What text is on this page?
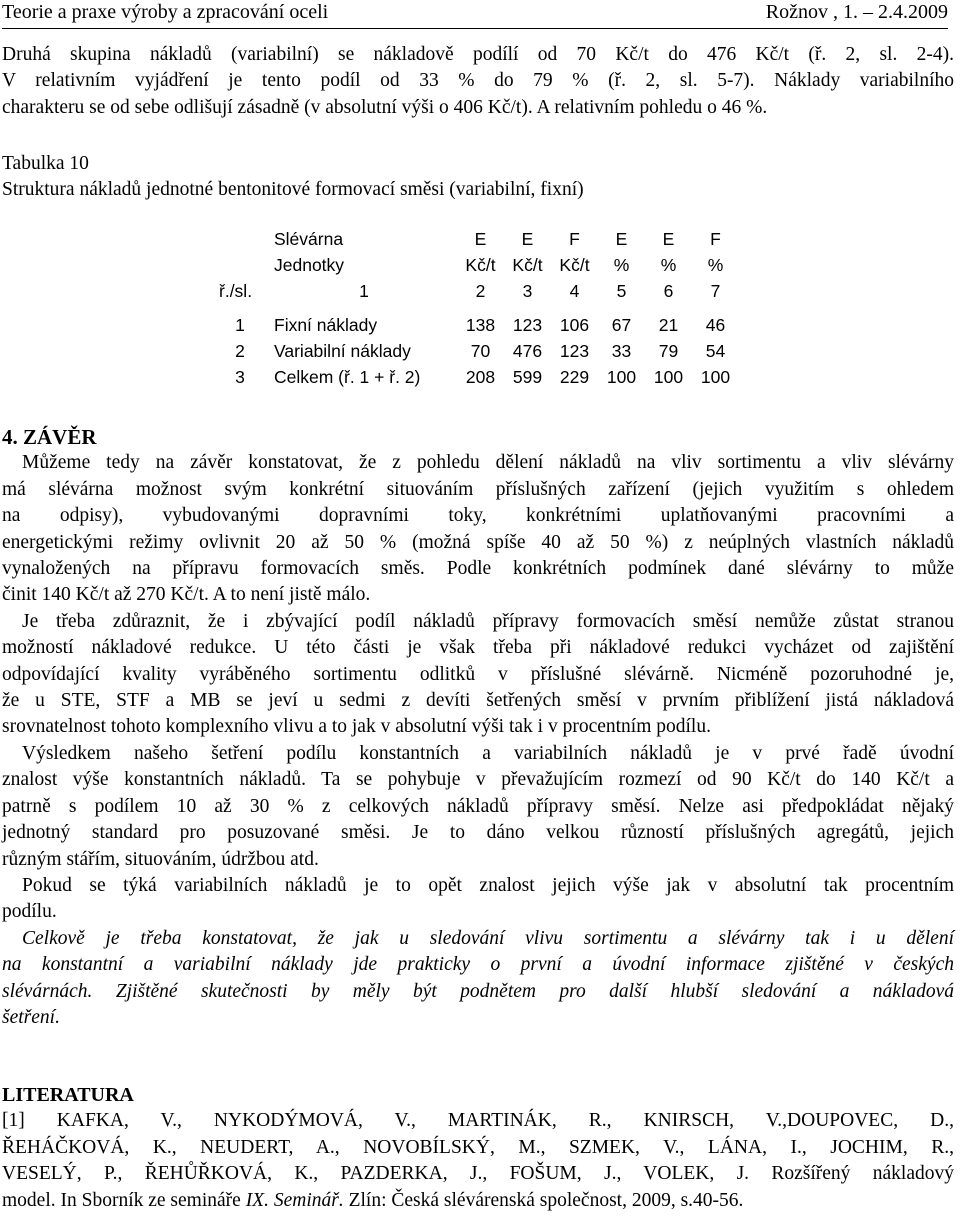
Teorie a praxe výroby a zpracování oceli	Rožnov , 1. – 2.4.2009
Druhá skupina nákladů (variabilní) se nákladově podílí od 70 Kč/t do 476 Kč/t (ř. 2, sl. 2-4).
V relativním vyjádření je tento podíl od 33 % do 79 % (ř. 2, sl. 5-7). Náklady variabilního
charakteru se od sebe odlišují zásadně (v absolutní výši o 406 Kč/t). A relativním pohledu o 46 %.
Tabulka 10
Struktura nákladů jednotné bentonitové formovací směsi (variabilní, fixní)
	Slévárna	E	E	F	E	E	F
	Jednotky	Kč/t	Kč/t	Kč/t	%	%	%
ř./sl.	1	2	3	4	5	6	7

1	Fixní náklady	138	123	106	67	21	46
2	Variabilní náklady	70	476	123	33	79	54
3	Celkem (ř. 1 + ř. 2)	208	599	229	100	100	100
4. ZÁVĚR
Můžeme tedy na závěr konstatovat, že z pohledu dělení nákladů na vliv sortimentu a vliv slévárny
má slévárna možnost svým konkrétní situováním příslušných zařízení (jejich využitím s ohledem
na odpisy), vybudovanými dopravními toky, konkrétními uplatňovanými pracovními a
energetickými režimy ovlivnit 20 až 50 % (možná spíše 40 až 50 %) z neúplných vlastních nákladů
vynaložených na přípravu formovacích směs. Podle konkrétních podmínek dané slévárny to může
činit 140 Kč/t až 270 Kč/t. A to není jistě málo.
Je třeba zdůraznit, že i zbývající podíl nákladů přípravy formovacích směsí nemůže zůstat stranou
možností nákladové redukce. U této části je však třeba při nákladové redukci vycházet od zajištění
odpovídající kvality vyráběného sortimentu odlitků v příslušné slévárně. Nicméně pozoruhodné je,
že u STE, STF a MB se jeví u sedmi z devíti šetřených směsí v prvním přiblížení jistá nákladová
srovnatelnost tohoto komplexního vlivu a to jak v absolutní výši tak i v procentním podílu.
Výsledkem našeho šetření podílu konstantních a variabilních nákladů je v prvé řadě úvodní
znalost výše konstantních nákladů. Ta se pohybuje v převažujícím rozmezí od 90 Kč/t do 140 Kč/t a
patrně s podílem 10 až 30 % z celkových nákladů přípravy směsí. Nelze asi předpokládat nějaký
jednotný standard pro posuzované směsi. Je to dáno velkou růzností příslušných agregátů, jejich
různým stářím, situováním, údržbou atd.
Pokud se týká variabilních nákladů je to opět znalost jejich výše jak v absolutní tak procentním
podílu.
Celkově je třeba konstatovat, že jak u sledování vlivu sortimentu a slévárny tak i u dělení
na konstantní a variabilní náklady jde prakticky o první a úvodní informace zjištěné v českých
slévárnách. Zjištěné skutečnosti by měly být podnětem pro další hlubší sledování a nákladová
šetření.
LITERATURA
[1] KAFKA, V., NYKODÝMOVÁ, V., MARTINÁK, R., KNIRSCH, V.,DOUPOVEC, D.,
ŘEHÁČKOVÁ, K., NEUDERT, A., NOVOBÍLSKÝ, M., SZMEK, V., LÁNA, I., JOCHIM, R.,
VESELÝ, P., ŘEHŮŘKOVÁ, K., PAZDERKA, J., FOŠUM, J., VOLEK, J. Rozšířený nákladový
model. In Sborník ze semináře IX. Seminář. Zlín: Česká slévárenská společnost, 2009, s.40-56.
